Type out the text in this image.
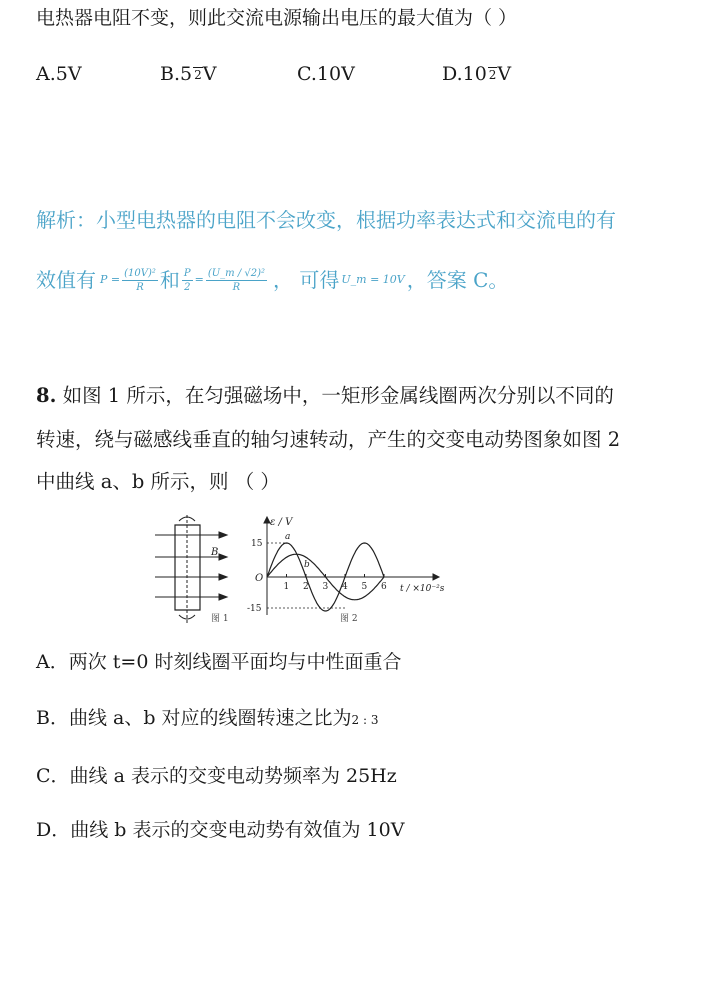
电热器电阻不变，则此交流电源输出电压的最大值为（ ）
A.5V	B.5 2V	C.10V	D.10 2V
解析：小型电热器的电阻不会改变，根据功率表达式和交流电的有
效值有 $P = \frac{\text{(10V)²}}{R}$ 和 $\frac{P}{2} = \frac{\text{(U\_m / √2)²}}{R}$ ， 可得 U_m = 10V ，答案 C。
8. 如图 1 所示，在匀强磁场中，一矩形金属线圈两次分别以不同的
转速，绕与磁感线垂直的轴匀速转动，产生的交变电动势图象如图 2
中曲线 a、b 所示，则 （ ）
B
图 1
ε / V
t / ×10⁻²s
O
15
-15
a
b
1 2 3 4 5 6
图 2
A．两次 t=0 时刻线圈平面均与中性面重合
B．曲线 a、b 对应的线圈转速之比为2 : 3
C．曲线 a 表示的交变电动势频率为 25Hz
D．曲线 b 表示的交变电动势有效值为 10V
